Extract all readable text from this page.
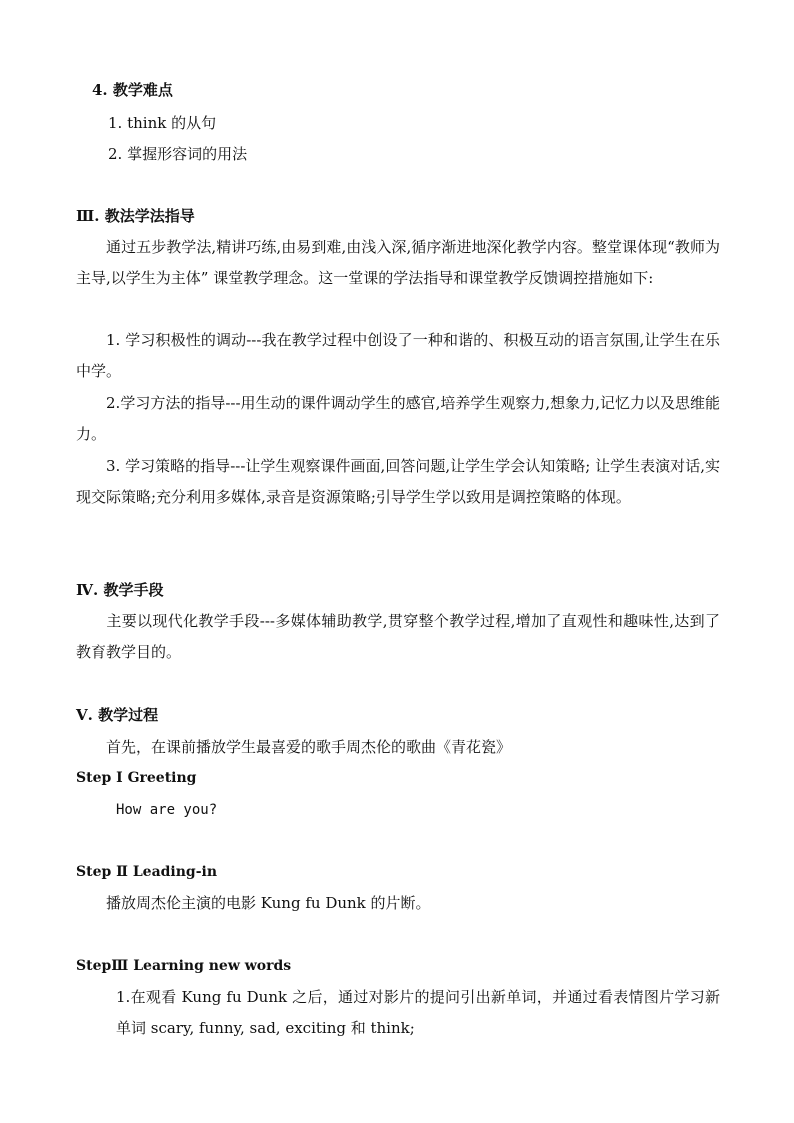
4. 教学难点
1. think 的从句
2. 掌握形容词的用法
Ⅲ. 教法学法指导
通过五步教学法,精讲巧练,由易到难,由浅入深,循序渐进地深化教学内容。整堂课体现“教师为主导,以学生为主体” 课堂教学理念。这一堂课的学法指导和课堂教学反馈调控措施如下:
1. 学习积极性的调动---我在教学过程中创设了一种和谐的、积极互动的语言氛围,让学生在乐中学。
2.学习方法的指导---用生动的课件调动学生的感官,培养学生观察力,想象力,记忆力以及思维能力。
3. 学习策略的指导---让学生观察课件画面,回答问题,让学生学会认知策略; 让学生表演对话,实现交际策略;充分利用多媒体,录音是资源策略;引导学生学以致用是调控策略的体现。
Ⅳ. 教学手段
主要以现代化教学手段---多媒体辅助教学,贯穿整个教学过程,增加了直观性和趣味性,达到了教育教学目的。
Ⅴ. 教学过程
首先，在课前播放学生最喜爱的歌手周杰伦的歌曲《青花瓷》
Step Ⅰ Greeting
How are you?
Step Ⅱ Leading-in
播放周杰伦主演的电影 Kung fu Dunk 的片断。
StepⅢ Learning new words
1.在观看 Kung fu Dunk 之后，通过对影片的提问引出新单词，并通过看表情图片学习新单词 scary, funny, sad, exciting 和 think;
